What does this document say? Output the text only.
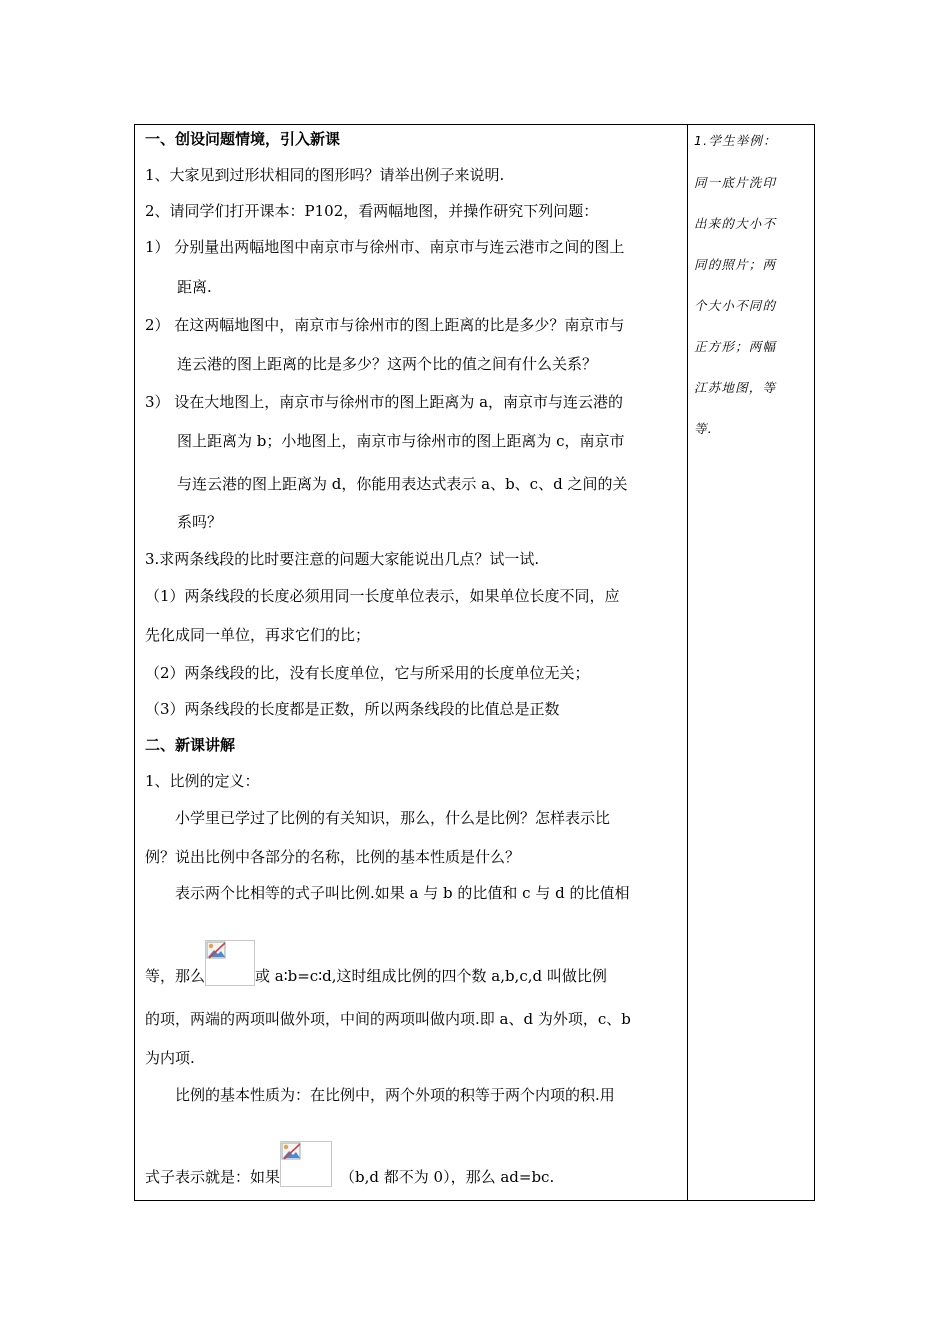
一、创设问题情境，引入新课
1、大家见到过形状相同的图形吗？请举出例子来说明.
2、请同学们打开课本：P102，看两幅地图，并操作研究下列问题：
1） 分别量出两幅地图中南京市与徐州市、南京市与连云港市之间的图上
距离.
2） 在这两幅地图中，南京市与徐州市的图上距离的比是多少？南京市与
连云港的图上距离的比是多少？这两个比的值之间有什么关系？
3） 设在大地图上，南京市与徐州市的图上距离为 a，南京市与连云港的
图上距离为 b；小地图上，南京市与徐州市的图上距离为 c，南京市
与连云港的图上距离为 d，你能用表达式表示 a、b、c、d 之间的关
系吗？
3.求两条线段的比时要注意的问题大家能说出几点？试一试.
（1）两条线段的长度必须用同一长度单位表示，如果单位长度不同，应
先化成同一单位，再求它们的比；
（2）两条线段的比，没有长度单位，它与所采用的长度单位无关；
（3）两条线段的长度都是正数，所以两条线段的比值总是正数
二、新课讲解
1、比例的定义：
小学里已学过了比例的有关知识，那么，什么是比例？怎样表示比
例？说出比例中各部分的名称，比例的基本性质是什么？
表示两个比相等的式子叫比例.如果 a 与 b 的比值和 c 与 d 的比值相
等，那么	或 a∶b=c∶d,这时组成比例的四个数 a,b,c,d 叫做比例
的项，两端的两项叫做外项，中间的两项叫做内项.即 a、d 为外项，c、b
为内项.
比例的基本性质为：在比例中，两个外项的积等于两个内项的积.用
式子表示就是：如果	（b,d 都不为 0），那么 ad=bc.
1.学生举例：
同一底片洗印
出来的大小不
同的照片；两
个大小不同的
正方形；两幅
江苏地图，等
等.
